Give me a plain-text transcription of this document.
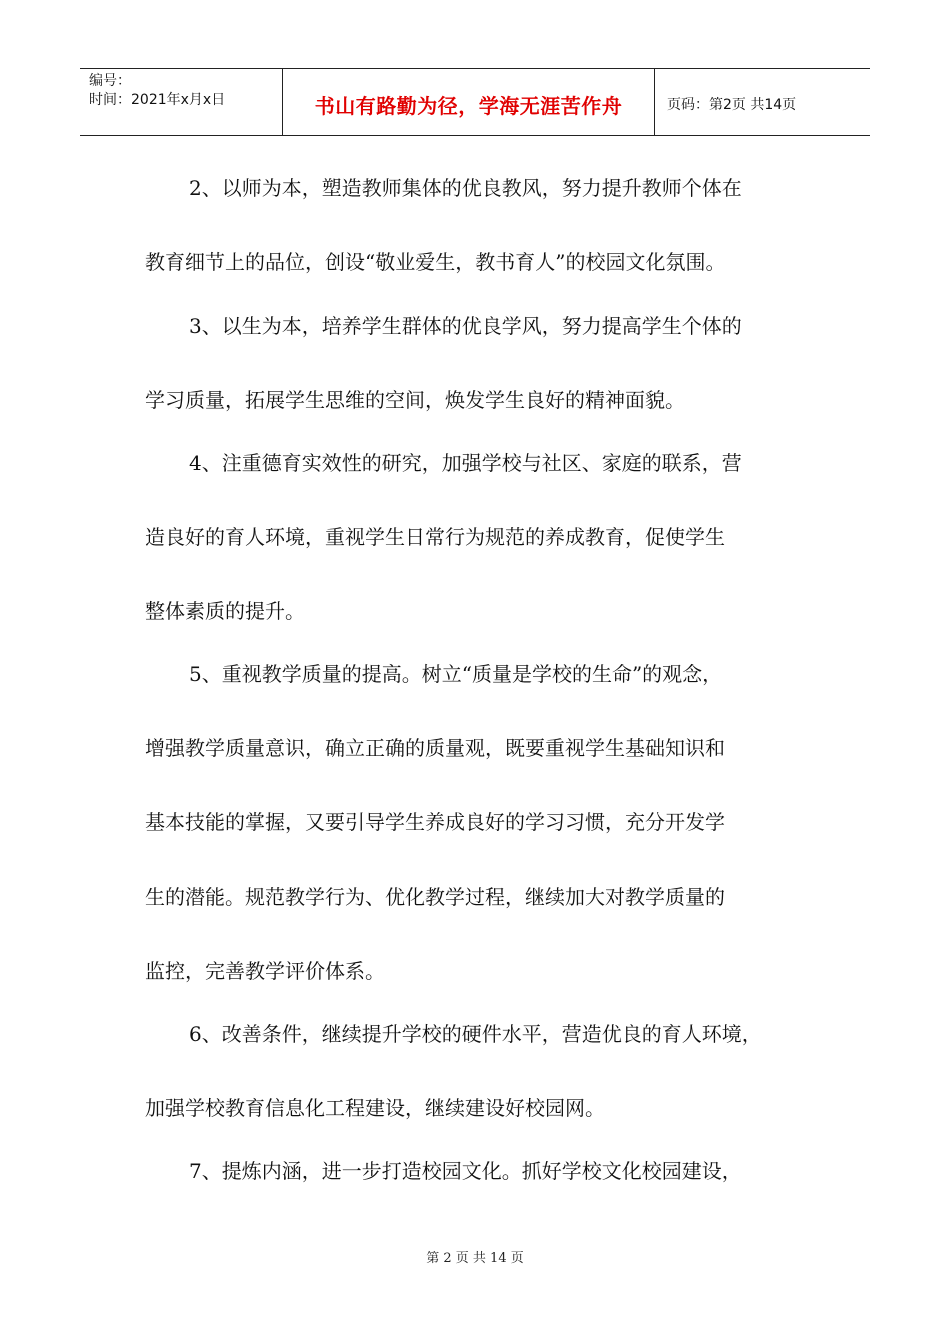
编号：
时间：2021年x月x日	书山有路勤为径，学海无涯苦作舟	页码：第2页 共14页

2、以师为本，塑造教师集体的优良教风，努力提升教师个体在

教育细节上的品位，创设“敬业爱生，教书育人”的校园文化氛围。

3、以生为本，培养学生群体的优良学风，努力提高学生个体的

学习质量，拓展学生思维的空间，焕发学生良好的精神面貌。

4、注重德育实效性的研究，加强学校与社区、家庭的联系，营

造良好的育人环境，重视学生日常行为规范的养成教育，促使学生

整体素质的提升。

5、重视教学质量的提高。树立“质量是学校的生命”的观念，

增强教学质量意识，确立正确的质量观，既要重视学生基础知识和

基本技能的掌握，又要引导学生养成良好的学习习惯，充分开发学

生的潜能。规范教学行为、优化教学过程，继续加大对教学质量的

监控，完善教学评价体系。

6、改善条件，继续提升学校的硬件水平，营造优良的育人环境，

加强学校教育信息化工程建设，继续建设好校园网。

7、提炼内涵，进一步打造校园文化。抓好学校文化校园建设，

第 2 页 共 14 页
